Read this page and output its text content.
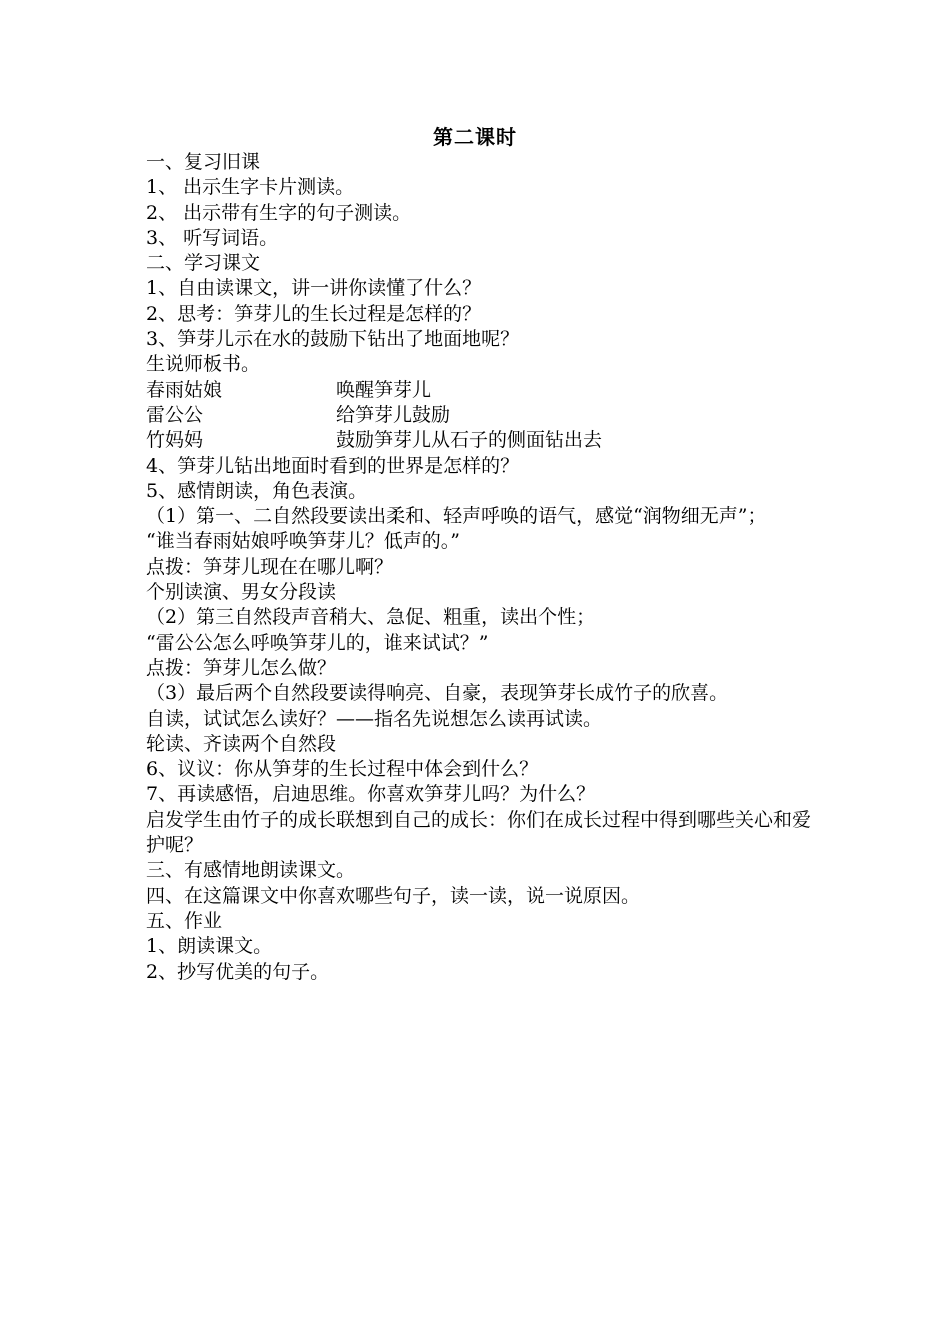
第二课时
一、复习旧课
1、 出示生字卡片测读。
2、 出示带有生字的句子测读。
3、 听写词语。
二、学习课文
1、自由读课文，讲一讲你读懂了什么？
2、思考：笋芽儿的生长过程是怎样的？
3、笋芽儿示在水的鼓励下钻出了地面地呢？
生说师板书。
春雨姑娘	唤醒笋芽儿
雷公公	给笋芽儿鼓励
竹妈妈	鼓励笋芽儿从石子的侧面钻出去
4、笋芽儿钻出地面时看到的世界是怎样的？
5、感情朗读，角色表演。
（1）第一、二自然段要读出柔和、轻声呼唤的语气，感觉“润物细无声”；
“谁当春雨姑娘呼唤笋芽儿？低声的。”
点拨：笋芽儿现在在哪儿啊？
个别读演、男女分段读
（2）第三自然段声音稍大、急促、粗重，读出个性；
“雷公公怎么呼唤笋芽儿的，谁来试试？”
点拨：笋芽儿怎么做？
（3）最后两个自然段要读得响亮、自豪，表现笋芽长成竹子的欣喜。
自读，试试怎么读好？——指名先说想怎么读再试读。
轮读、齐读两个自然段
6、议议：你从笋芽的生长过程中体会到什么？
7、再读感悟，启迪思维。你喜欢笋芽儿吗？为什么？
启发学生由竹子的成长联想到自己的成长：你们在成长过程中得到哪些关心和爱护呢？
三、有感情地朗读课文。
四、在这篇课文中你喜欢哪些句子，读一读，说一说原因。
五、作业
1、朗读课文。
2、抄写优美的句子。
